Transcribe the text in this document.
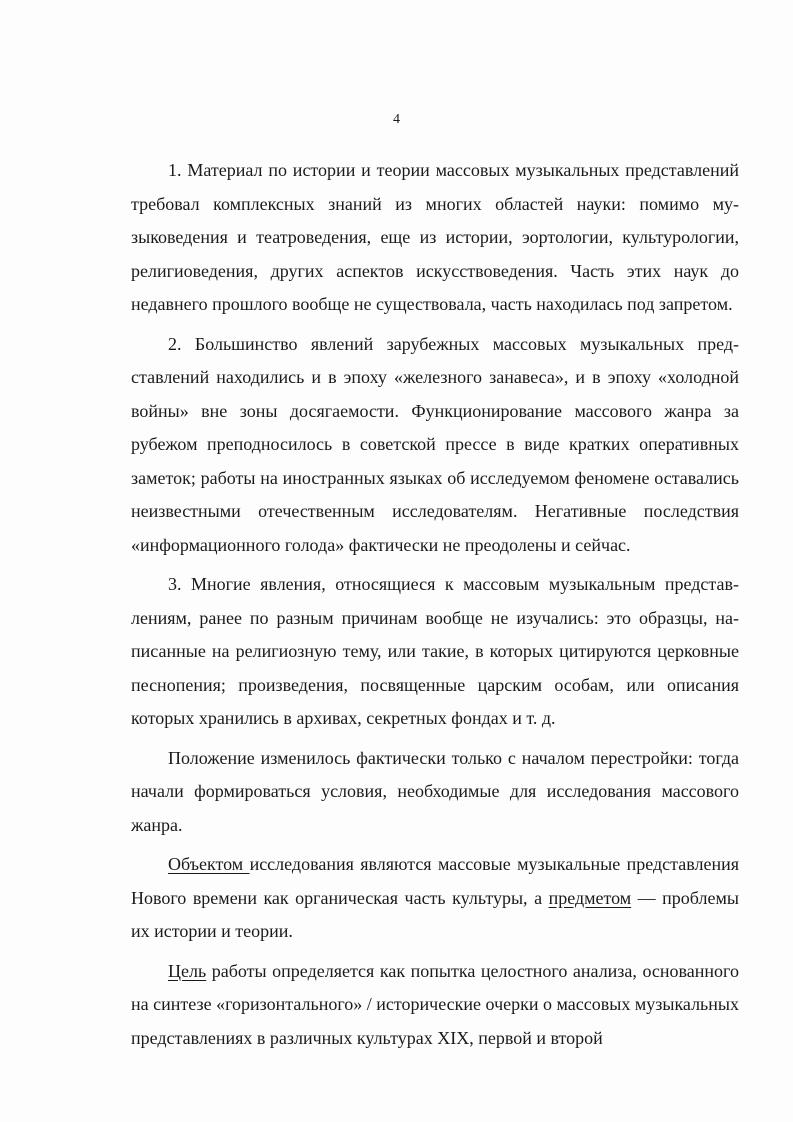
4

1. Материал по истории и теории массовых музыкальных представлений требовал комплексных знаний из многих областей науки: помимо музыковедения и театроведения, еще из истории, эортологии, культурологии, религиоведения, других аспектов искусствоведения. Часть этих наук до недавнего прошлого вообще не существовала, часть находилась под запретом.

2. Большинство явлений зарубежных массовых музыкальных представлений находились и в эпоху «железного занавеса», и в эпоху «холодной войны» вне зоны досягаемости. Функционирование массового жанра за рубежом преподносилось в советской прессе в виде кратких оперативных заметок; работы на иностранных языках об исследуемом феномене оставались неизвестными отечественным исследователям. Негативные последствия «информационного голода» фактически не преодолены и сейчас.

3. Многие явления, относящиеся к массовым музыкальным представлениям, ранее по разным причинам вообще не изучались: это образцы, написанные на религиозную тему, или такие, в которых цитируются церковные песнопения; произведения, посвященные царским особам, или описания которых хранились в архивах, секретных фондах и т. д.

Положение изменилось фактически только с началом перестройки: тогда начали формироваться условия, необходимые для исследования массового жанра.

Объектом исследования являются массовые музыкальные представления Нового времени как органическая часть культуры, а предметом — проблемы их истории и теории.

Цель работы определяется как попытка целостного анализа, основанного на синтезе «горизонтального» / исторические очерки о массовых музыкальных представлениях в различных культурах XIX, первой и второй
